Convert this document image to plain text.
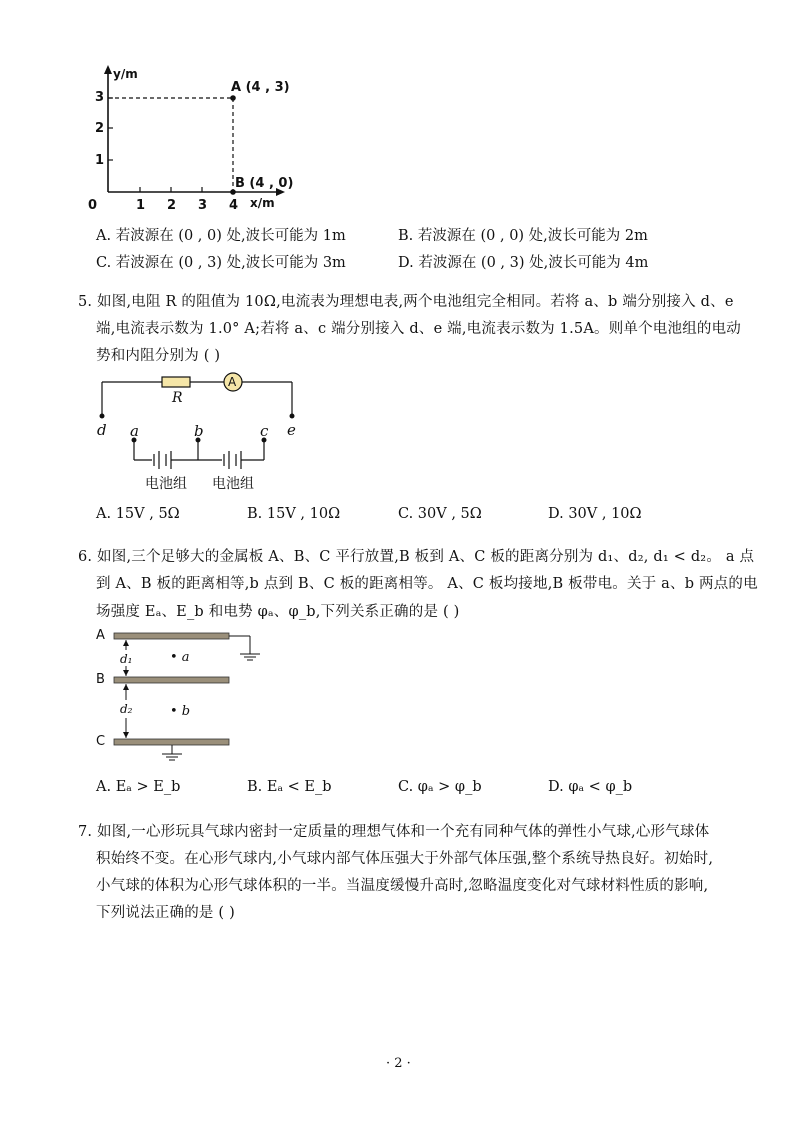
y/m
x/m
0	1 2 3 4
1
2
3
A (4 , 3)
B (4 , 0)
A. 若波源在 (0 , 0) 处,波长可能为 1m	B. 若波源在 (0 , 0) 处,波长可能为 2m
C. 若波源在 (0 , 3) 处,波长可能为 3m	D. 若波源在 (0 , 3) 处,波长可能为 4m
5. 如图,电阻 R 的阻值为 10Ω,电流表为理想电表,两个电池组完全相同。若将 a、b 端分别接入 d、e
端,电流表示数为 1.0° A;若将 a、c 端分别接入 d、e 端,电流表示数为 1.5A。则单个电池组的电动
势和内阻分别为 ( )
R
A
d	e
a	b	c
电池组 电池组
A. 15V , 5Ω	B. 15V , 10Ω	C. 30V , 5Ω	D. 30V , 10Ω
6. 如图,三个足够大的金属板 A、B、C 平行放置,B 板到 A、C 板的距离分别为 d₁、d₂, d₁ < d₂。 a 点
到 A、B 板的距离相等,b 点到 B、C 板的距离相等。 A、C 板均接地,B 板带电。关于 a、b 两点的电
场强度 Eₐ、E_b 和电势 φₐ、φ_b,下列关系正确的是 ( )
A
B
C
d₁
d₂
• a
• b
A. Eₐ > E_b	B. Eₐ < E_b	C. φₐ > φ_b	D. φₐ < φ_b
7. 如图,一心形玩具气球内密封一定质量的理想气体和一个充有同种气体的弹性小气球,心形气球体
积始终不变。在心形气球内,小气球内部气体压强大于外部气体压强,整个系统导热良好。初始时,
小气球的体积为心形气球体积的一半。当温度缓慢升高时,忽略温度变化对气球材料性质的影响,
下列说法正确的是 ( )
· 2 ·
